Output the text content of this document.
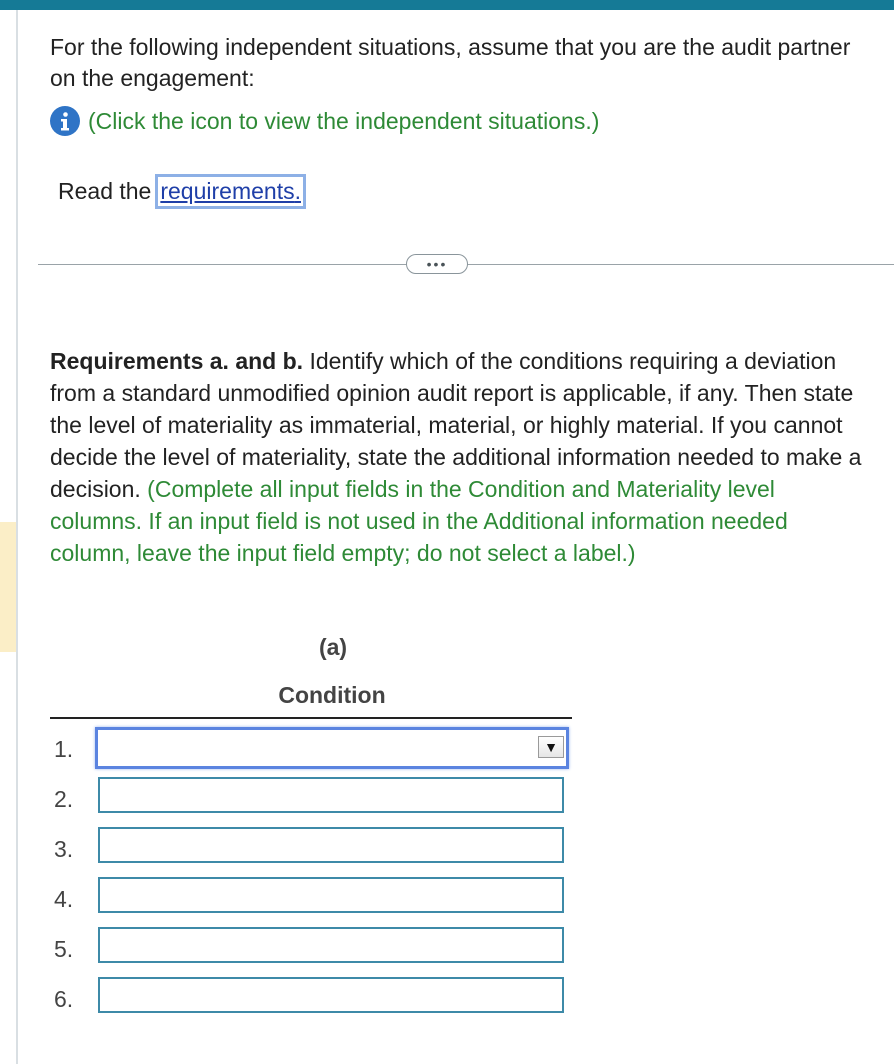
For the following independent situations, assume that you are the audit partner on the engagement:
(Click the icon to view the independent situations.)
Read the requirements.
•••
Requirements a. and b. Identify which of the conditions requiring a deviation from a standard unmodified opinion audit report is applicable, if any. Then state the level of materiality as immaterial, material, or highly material. If you cannot decide the level of materiality, state the additional information needed to make a decision. (Complete all input fields in the Condition and Materiality level columns. If an input field is not used in the Additional information needed column, leave the input field empty; do not select a label.)
(a)
Condition
1.	▼
2.
3.
4.
5.
6.
